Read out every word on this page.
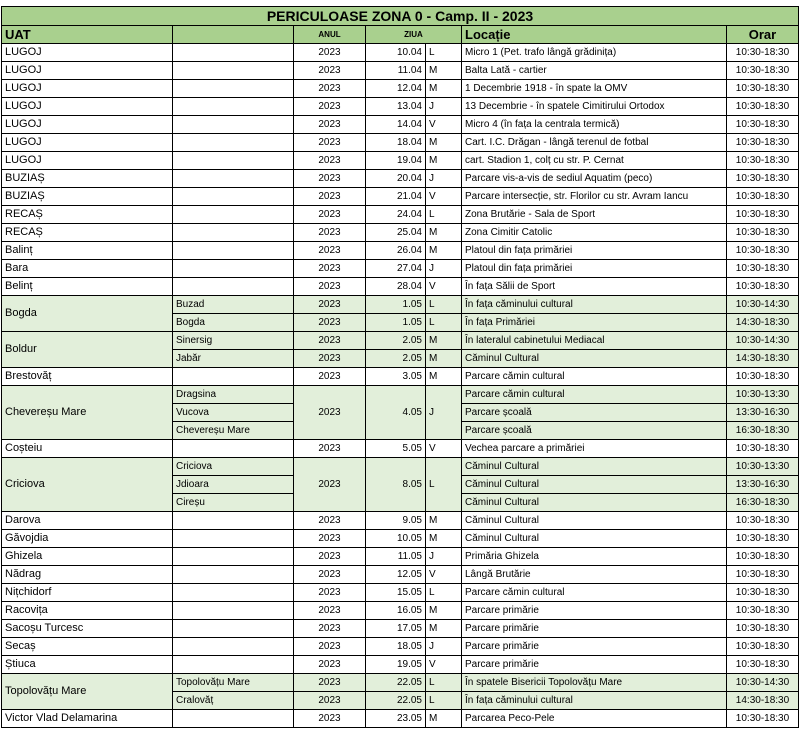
PERICULOASE ZONA 0 - Camp. II - 2023						
UAT		ANUL	ZIUA		Locație	Orar
LUGOJ		2023	10.04	L	Micro 1 (Pet. trafo lângă grădinița)	10:30-18:30
LUGOJ		2023	11.04	M	Balta Lată - cartier	10:30-18:30
LUGOJ		2023	12.04	M	1 Decembrie 1918 - în spate la OMV	10:30-18:30
LUGOJ		2023	13.04	J	13 Decembrie - în spatele Cimitirului Ortodox	10:30-18:30
LUGOJ		2023	14.04	V	Micro 4 (în fața la centrala termică)	10:30-18:30
LUGOJ		2023	18.04	M	Cart. I.C. Drăgan - lângă terenul de fotbal	10:30-18:30
LUGOJ		2023	19.04	M	cart. Stadion 1, colț cu str. P. Cernat	10:30-18:30
BUZIAȘ		2023	20.04	J	Parcare vis-a-vis de sediul Aquatim (peco)	10:30-18:30
BUZIAȘ		2023	21.04	V	Parcare intersecție, str. Florilor cu str. Avram Iancu	10:30-18:30
RECAȘ		2023	24.04	L	Zona Brutărie - Sala de Sport	10:30-18:30
RECAȘ		2023	25.04	M	Zona Cimitir Catolic	10:30-18:30
Balinț		2023	26.04	M	Platoul din fața primăriei	10:30-18:30
Bara		2023	27.04	J	Platoul din fața primăriei	10:30-18:30
Belinț		2023	28.04	V	În fața Sălii de Sport	10:30-18:30
Bogda	Buzad	2023	1.05	L	În fața căminului cultural	10:30-14:30
	Bogda	2023	1.05	L	În fața Primăriei	14:30-18:30
Boldur	Sinersig	2023	2.05	M	În lateralul cabinetului Mediacal	10:30-14:30
	Jabăr	2023	2.05	M	Căminul Cultural	14:30-18:30
Brestovăț		2023	3.05	M	Parcare cămin cultural	10:30-18:30
Chevereșu Mare	Dragsina	2023	4.05	J	Parcare cămin cultural	10:30-13:30
	Vucova				Parcare școală	13:30-16:30
	Chevereșu Mare				Parcare școală	16:30-18:30
Coșteiu		2023	5.05	V	Vechea parcare a primăriei	10:30-18:30
Criciova	Criciova	2023	8.05	L	Căminul Cultural	10:30-13:30
	Jdioara				Căminul Cultural	13:30-16:30
	Cireșu				Căminul Cultural	16:30-18:30
Darova		2023	9.05	M	Căminul Cultural	10:30-18:30
Găvojdia		2023	10.05	M	Căminul Cultural	10:30-18:30
Ghizela		2023	11.05	J	Primăria Ghizela	10:30-18:30
Nădrag		2023	12.05	V	Lângă Brutărie	10:30-18:30
Nițchidorf		2023	15.05	L	Parcare cămin cultural	10:30-18:30
Racovița		2023	16.05	M	Parcare primărie	10:30-18:30
Sacoșu Turcesc		2023	17.05	M	Parcare primărie	10:30-18:30
Secaș		2023	18.05	J	Parcare primărie	10:30-18:30
Știuca		2023	19.05	V	Parcare primărie	10:30-18:30
Topolovățu Mare	Topolovățu Mare	2023	22.05	L	În spatele Bisericii Topolovățu Mare	10:30-14:30
	Cralovăț	2023	22.05	L	În fața căminului cultural	14:30-18:30
Victor Vlad Delamarina		2023	23.05	M	Parcarea Peco-Pele	10:30-18:30
